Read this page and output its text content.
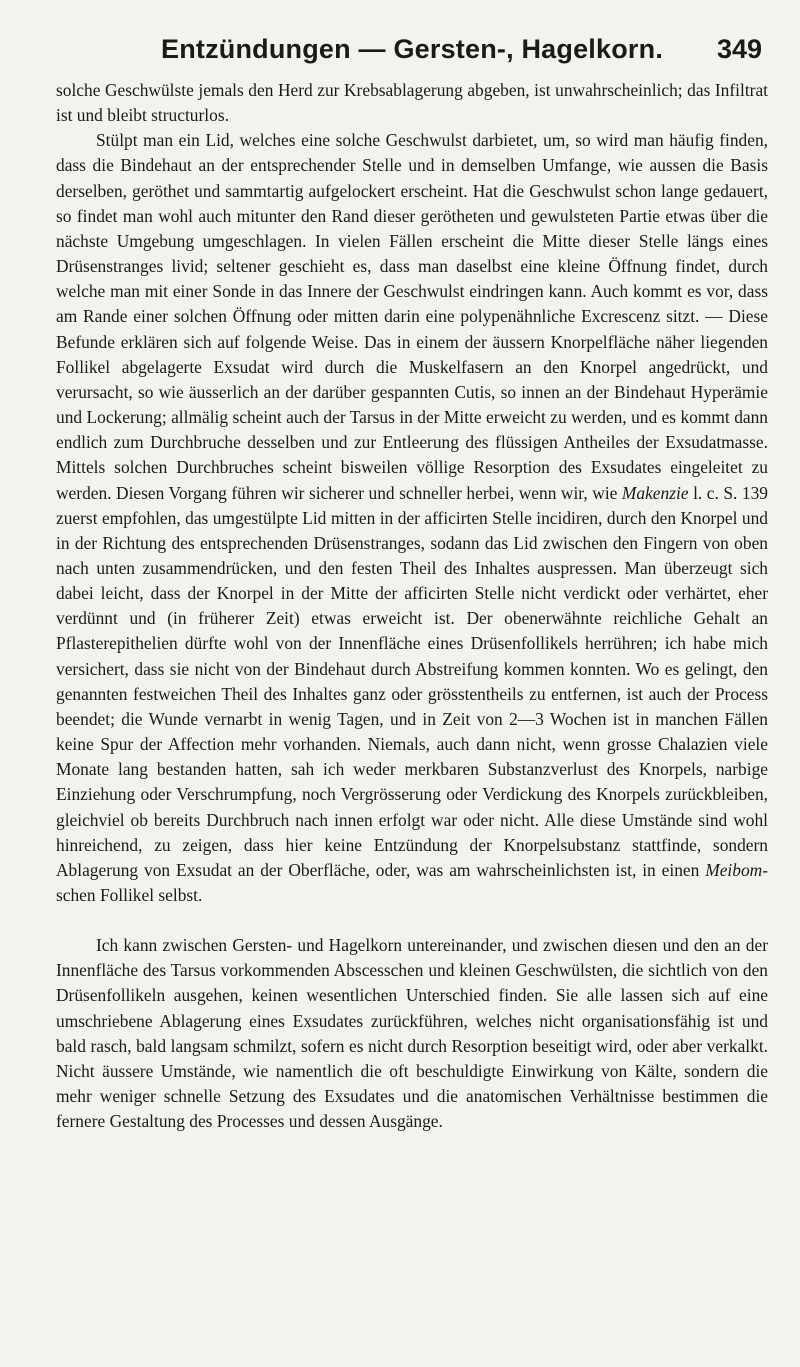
Entzündungen — Gersten-, Hagelkorn.	349

solche Geschwülste jemals den Herd zur Krebsablagerung abgeben, ist unwahrscheinlich; das Infiltrat ist und bleibt structurlos.

Stülpt man ein Lid, welches eine solche Geschwulst darbietet, um, so wird man häufig finden, dass die Bindehaut an der entsprechender Stelle und in demselben Umfange, wie aussen die Basis derselben, geröthet und sammtartig aufgelockert erscheint. Hat die Geschwulst schon lange gedauert, so findet man wohl auch mitunter den Rand dieser gerötheten und gewulsteten Partie etwas über die nächste Umgebung umgeschlagen. In vielen Fällen erscheint die Mitte dieser Stelle längs eines Drüsenstranges livid; seltener geschieht es, dass man daselbst eine kleine Öffnung findet, durch welche man mit einer Sonde in das Innere der Geschwulst eindringen kann. Auch kommt es vor, dass am Rande einer solchen Öffnung oder mitten darin eine polypenähnliche Excrescenz sitzt. — Diese Befunde erklären sich auf folgende Weise. Das in einem der äussern Knorpelfläche näher liegenden Follikel abgelagerte Exsudat wird durch die Muskelfasern an den Knorpel angedrückt, und verursacht, so wie äusserlich an der darüber gespannten Cutis, so innen an der Bindehaut Hyperämie und Lockerung; allmälig scheint auch der Tarsus in der Mitte erweicht zu werden, und es kommt dann endlich zum Durchbruche desselben und zur Entleerung des flüssigen Antheiles der Exsudatmasse. Mittels solchen Durchbruches scheint bisweilen völlige Resorption des Exsudates eingeleitet zu werden. Diesen Vorgang führen wir sicherer und schneller herbei, wenn wir, wie Makenzie l. c. S. 139 zuerst empfohlen, das umgestülpte Lid mitten in der afficirten Stelle incidiren, durch den Knorpel und in der Richtung des entsprechenden Drüsenstranges, sodann das Lid zwischen den Fingern von oben nach unten zusammendrücken, und den festen Theil des Inhaltes auspressen. Man überzeugt sich dabei leicht, dass der Knorpel in der Mitte der afficirten Stelle nicht verdickt oder verhärtet, eher verdünnt und (in früherer Zeit) etwas erweicht ist. Der obenerwähnte reichliche Gehalt an Pflasterepithelien dürfte wohl von der Innenfläche eines Drüsenfollikels herrühren; ich habe mich versichert, dass sie nicht von der Bindehaut durch Abstreifung kommen konnten. Wo es gelingt, den genannten festweichen Theil des Inhaltes ganz oder grösstentheils zu entfernen, ist auch der Process beendet; die Wunde vernarbt in wenig Tagen, und in Zeit von 2—3 Wochen ist in manchen Fällen keine Spur der Affection mehr vorhanden. Niemals, auch dann nicht, wenn grosse Chalazien viele Monate lang bestanden hatten, sah ich weder merkbaren Substanzverlust des Knorpels, narbige Einziehung oder Verschrumpfung, noch Vergrösserung oder Verdickung des Knorpels zurückbleiben, gleichviel ob bereits Durchbruch nach innen erfolgt war oder nicht. Alle diese Umstände sind wohl hinreichend, zu zeigen, dass hier keine Entzündung der Knorpelsubstanz stattfinde, sondern Ablagerung von Exsudat an der Oberfläche, oder, was am wahrscheinlichsten ist, in einen Meibom-schen Follikel selbst.

Ich kann zwischen Gersten- und Hagelkorn untereinander, und zwischen diesen und den an der Innenfläche des Tarsus vorkommenden Abscesschen und kleinen Geschwülsten, die sichtlich von den Drüsenfollikeln ausgehen, keinen wesentlichen Unterschied finden. Sie alle lassen sich auf eine umschriebene Ablagerung eines Exsudates zurückführen, welches nicht organisationsfähig ist und bald rasch, bald langsam schmilzt, sofern es nicht durch Resorption beseitigt wird, oder aber verkalkt. Nicht äussere Umstände, wie namentlich die oft beschuldigte Einwirkung von Kälte, sondern die mehr weniger schnelle Setzung des Exsudates und die anatomischen Verhältnisse bestimmen die fernere Gestaltung des Processes und dessen Ausgänge.
